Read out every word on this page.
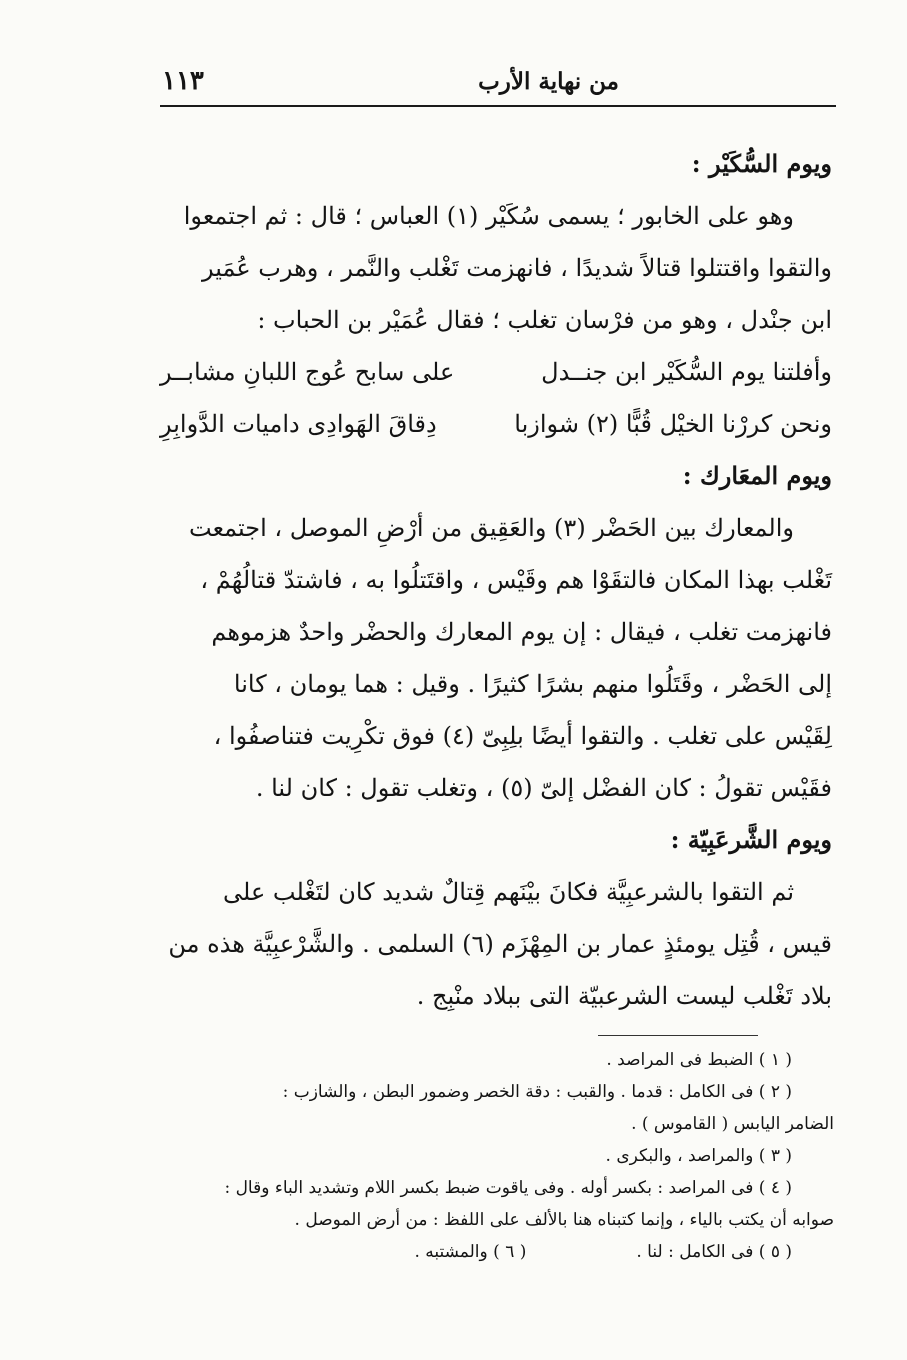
من نهاية الأرب
١١٣

ويوم السُّكَيْر :

وهو على الخابور ؛ يسمى سُكَيْر (١) العباس ؛ قال : ثم اجتمعوا

والتقوا واقتتلوا قتالاً شديدًا ، فانهزمت تَغْلب والنَّمر ، وهرب عُمَير

ابن جنْدل ، وهو من فرْسان تغلب ؛ فقال عُمَيْر بن الحباب :

وأفلتنا يوم السُّكَيْر ابن جنــدل
على سابح عُوج اللبانِ مشابــر
ونحن كررْنا الخيْل قُبًّا (٢) شوازبا
دِقاقَ الهَوادِى داميات الدَّوابِرِ

ويوم المعَارك :

والمعارك بين الحَضْر (٣) والعَقِيق من أرْضِ الموصل ، اجتمعت

تَغْلب بهذا المكان فالتقَوْا هم وقَيْس ، واقتَتلُوا به ، فاشتدّ قتالُهُمْ ،

فانهزمت تغلب ، فيقال : إن يوم المعارك والحضْر واحدٌ هزموهم

إلى الحَضْر ، وقَتَلُوا منهم بشرًا كثيرًا . وقيل : هما يومان ، كانا

لِقَيْس على تغلب . والتقوا أيضًا بلِبِىّ (٤) فوق تكْرِيت فتناصفُوا ،

فقَيْس تقولُ : كان الفضْل إلىّ (٥) ، وتغلب تقول : كان لنا .

ويوم الشَّرعَبِيّة :

ثم التقوا بالشرعبِيَّة فكانَ بيْنَهم قِتالٌ شديد كان لتَغْلب على

قيس ، قُتِل يومئذٍ عمار بن المِهْزَم (٦) السلمى . والشَّرْعبِيَّة هذه من

بلاد تَغْلب ليست الشرعبيّة التى ببلاد منْبِج .

( ١ ) الضبط فى المراصد .

( ٢ ) فى الكامل : قدما . والقبب : دقة الخصر وضمور البطن ، والشازب :

الضامر اليابس ( القاموس ) .

( ٣ ) والمراصد ، والبكرى .

( ٤ ) فى المراصد : بكسر أوله . وفى ياقوت ضبط بكسر اللام وتشديد الباء وقال :

صوابه أن يكتب بالياء ، وإنما كتبناه هنا بالألف على اللفظ : من أرض الموصل .

( ٥ ) فى الكامل : لنا .
( ٦ ) والمشتبه .
